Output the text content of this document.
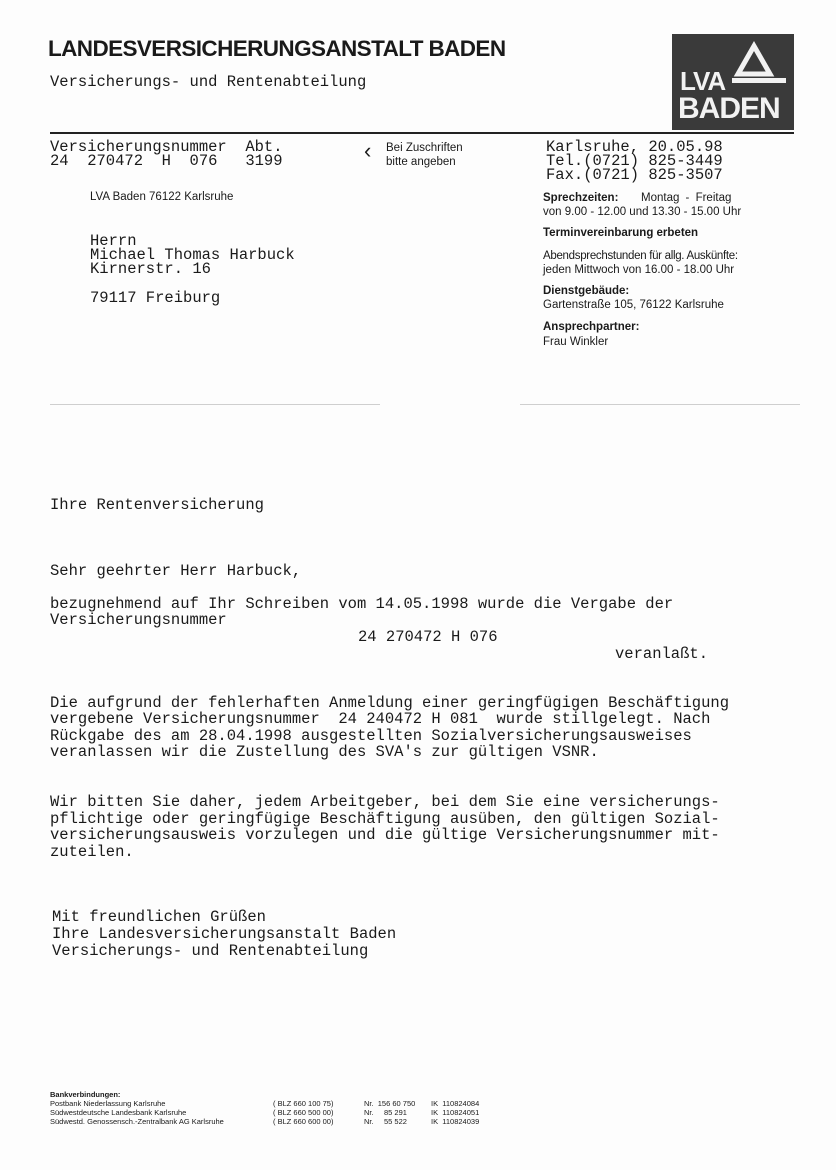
LANDESVERSICHERUNGSANSTALT BADEN
Versicherungs- und Rentenabteilung	LVA
BADEN
Versicherungsnummer  Abt.
24  270472  H  076   3199	‹ Bei Zuschriften
bitte angeben
Karlsruhe, 20.05.98
Tel.(0721) 825-3449
Fax.(0721) 825-3507
LVA Baden 76122 Karlsruhe
Herrn
Michael Thomas Harbuck
Kirnerstr. 16
79117 Freiburg
Sprechzeiten: Montag - Freitag
von 9.00 - 12.00 und 13.30 - 15.00 Uhr
Terminvereinbarung erbeten
Abendsprechstunden für allg. Auskünfte:
jeden Mittwoch von 16.00 - 18.00 Uhr
Dienstgebäude:
Gartenstraße 105, 76122 Karlsruhe
Ansprechpartner:
Frau Winkler
Ihre Rentenversicherung
Sehr geehrter Herr Harbuck,
bezugnehmend auf Ihr Schreiben vom 14.05.1998 wurde die Vergabe der
Versicherungsnummer
24 270472 H 076
veranlaßt.
Die aufgrund der fehlerhaften Anmeldung einer geringfügigen Beschäftigung
vergebene Versicherungsnummer  24 240472 H 081  wurde stillgelegt. Nach
Rückgabe des am 28.04.1998 ausgestellten Sozialversicherungsausweises
veranlassen wir die Zustellung des SVA's zur gültigen VSNR.
Wir bitten Sie daher, jedem Arbeitgeber, bei dem Sie eine versicherungs-
pflichtige oder geringfügige Beschäftigung ausüben, den gültigen Sozial-
versicherungsausweis vorzulegen und die gültige Versicherungsnummer mit-
zuteilen.
Mit freundlichen Grüßen
Ihre Landesversicherungsanstalt Baden
Versicherungs- und Rentenabteilung
Bankverbindungen:
Postbank Niederlassung Karlsruhe	( BLZ 660 100 75)	Nr.  156 60 750 IK  110824084
Südwestdeutsche Landesbank Karlsruhe	( BLZ 660 500 00)	Nr.     85 291	IK  110824051
Südwestd. Genossensch.-Zentralbank AG Karlsruhe	( BLZ 660 600 00)	Nr.     55 522	IK  110824039
